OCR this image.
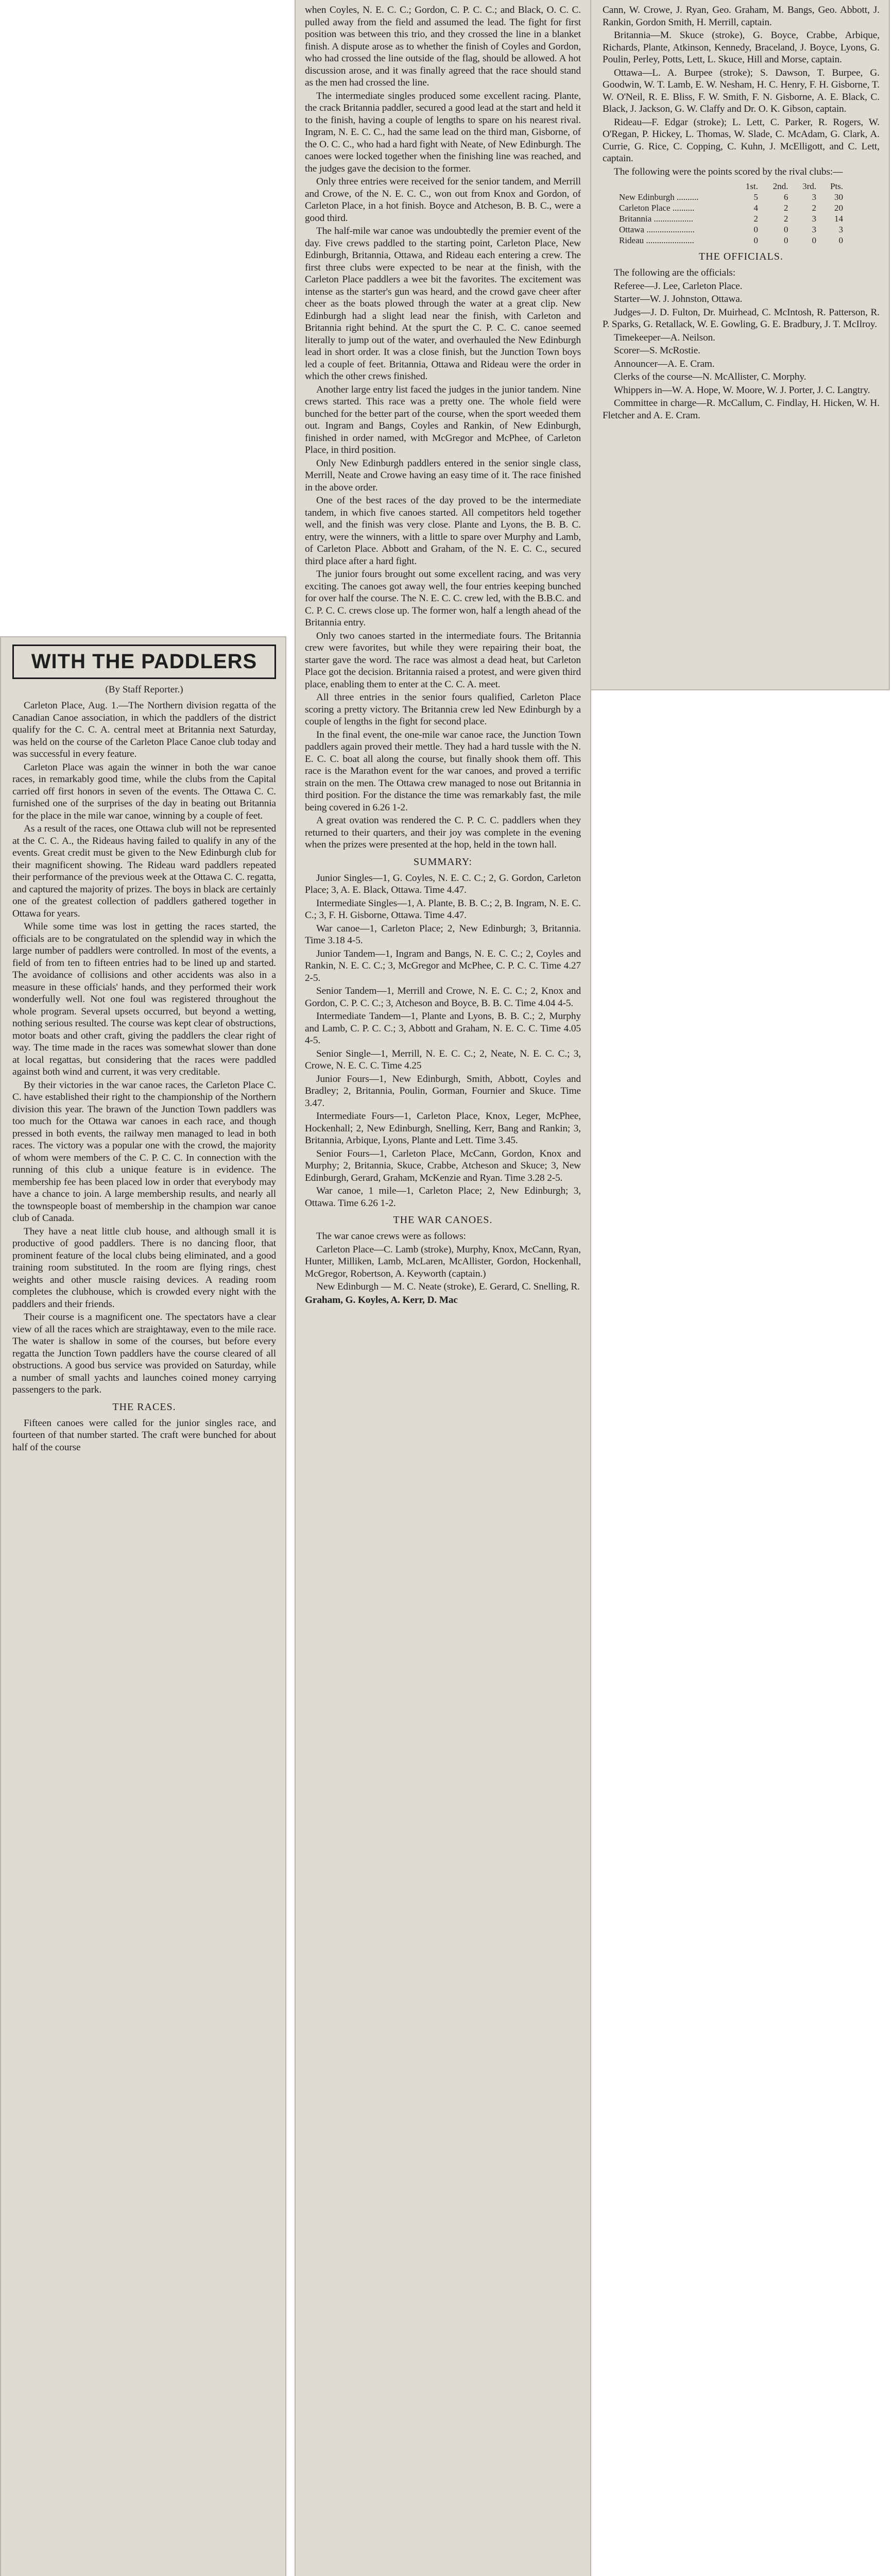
WITH THE PADDLERS
(By Staff Reporter.)

Carleton Place, Aug. 1.—The Northern division regatta of the Canadian Canoe association, in which the paddlers of the district qualify for the C. C. A. central meet at Britannia next Saturday, was held on the course of the Carleton Place Canoe club today and was successful in every feature.

Carleton Place was again the winner in both the war canoe races, in remarkably good time, while the clubs from the Capital carried off first honors in seven of the events. The Ottawa C. C. furnished one of the surprises of the day in beating out Britannia for the place in the mile war canoe, winning by a couple of feet.

As a result of the races, one Ottawa club will not be represented at the C. C. A., the Rideaus having failed to qualify in any of the events. Great credit must be given to the New Edinburgh club for their magnificent showing. The Rideau ward paddlers repeated their performance of the previous week at the Ottawa C. C. regatta, and captured the majority of prizes. The boys in black are certainly one of the greatest collection of paddlers gathered together in Ottawa for years.

While some time was lost in getting the races started, the officials are to be congratulated on the splendid way in which the large number of paddlers were controlled. In most of the events, a field of from ten to fifteen entries had to be lined up and started. The avoidance of collisions and other accidents was also in a measure in these officials' hands, and they performed their work wonderfully well. Not one foul was registered throughout the whole program. Several upsets occurred, but beyond a wetting, nothing serious resulted. The course was kept clear of obstructions, motor boats and other craft, giving the paddlers the clear right of way. The time made in the races was somewhat slower than done at local regattas, but considering that the races were paddled against both wind and current, it was very creditable.

By their victories in the war canoe races, the Carleton Place C. C. have established their right to the championship of the Northern division this year. The brawn of the Junction Town paddlers was too much for the Ottawa war canoes in each race, and though pressed in both events, the railway men managed to lead in both races. The victory was a popular one with the crowd, the majority of whom were members of the C. P. C. C. In connection with the running of this club a unique feature is in evidence. The membership fee has been placed low in order that everybody may have a chance to join. A large membership results, and nearly all the townspeople boast of membership in the champion war canoe club of Canada.

They have a neat little club house, and although small it is productive of good paddlers. There is no dancing floor, that prominent feature of the local clubs being eliminated, and a good training room substituted. In the room are flying rings, chest weights and other muscle raising devices. A reading room completes the clubhouse, which is crowded every night with the paddlers and their friends.

Their course is a magnificent one. The spectators have a clear view of all the races which are straightaway, even to the mile race. The water is shallow in some of the courses, but before every regatta the Junction Town paddlers have the course cleared of all obstructions. A good bus service was provided on Saturday, while a number of small yachts and launches coined money carrying passengers to the park.

THE RACES.

Fifteen canoes were called for the junior singles race, and fourteen of that number started. The craft were bunched for about half of the course

when Coyles, N. E. C. C.; Gordon, C. P. C. C.; and Black, O. C. C. pulled away from the field and assumed the lead. The fight for first position was between this trio, and they crossed the line in a blanket finish. A dispute arose as to whether the finish of Coyles and Gordon, who had crossed the line outside of the flag, should be allowed. A hot discussion arose, and it was finally agreed that the race should stand as the men had crossed the line.

The intermediate singles produced some excellent racing. Plante, the crack Britannia paddler, secured a good lead at the start and held it to the finish, having a couple of lengths to spare on his nearest rival. Ingram, N. E. C. C., had the same lead on the third man, Gisborne, of the O. C. C., who had a hard fight with Neate, of New Edinburgh. The canoes were locked together when the finishing line was reached, and the judges gave the decision to the former.

Only three entries were received for the senior tandem, and Merrill and Crowe, of the N. E. C. C., won out from Knox and Gordon, of Carleton Place, in a hot finish. Boyce and Atcheson, B. B. C., were a good third.

The half-mile war canoe was undoubtedly the premier event of the day. Five crews paddled to the starting point, Carleton Place, New Edinburgh, Britannia, Ottawa, and Rideau each entering a crew. The first three clubs were expected to be near at the finish, with the Carleton Place paddlers a wee bit the favorites. The excitement was intense as the starter's gun was heard, and the crowd gave cheer after cheer as the boats plowed through the water at a great clip. New Edinburgh had a slight lead near the finish, with Carleton and Britannia right behind. At the spurt the C. P. C. C. canoe seemed literally to jump out of the water, and overhauled the New Edinburgh lead in short order. It was a close finish, but the Junction Town boys led a couple of feet. Britannia, Ottawa and Rideau were the order in which the other crews finished.

Another large entry list faced the judges in the junior tandem. Nine crews started. This race was a pretty one. The whole field were bunched for the better part of the course, when the sport weeded them out. Ingram and Bangs, Coyles and Rankin, of New Edinburgh, finished in order named, with McGregor and McPhee, of Carleton Place, in third position.

Only New Edinburgh paddlers entered in the senior single class, Merrill, Neate and Crowe having an easy time of it. The race finished in the above order.

One of the best races of the day proved to be the intermediate tandem, in which five canoes started. All competitors held together well, and the finish was very close. Plante and Lyons, the B. B. C. entry, were the winners, with a little to spare over Murphy and Lamb, of Carleton Place. Abbott and Graham, of the N. E. C. C., secured third place after a hard fight.

The junior fours brought out some excellent racing, and was very exciting. The canoes got away well, the four entries keeping bunched for over half the course. The N. E. C. C. crew led, with the B.B.C. and C. P. C. C. crews close up. The former won, half a length ahead of the Britannia entry.

Only two canoes started in the intermediate fours. The Britannia crew were favorites, but while they were repairing their boat, the starter gave the word. The race was almost a dead heat, but Carleton Place got the decision. Britannia raised a protest, and were given third place, enabling them to enter at the C. C. A. meet.

All three entries in the senior fours qualified, Carleton Place scoring a pretty victory. The Britannia crew led New Edinburgh by a couple of lengths in the fight for second place.

In the final event, the one-mile war canoe race, the Junction Town paddlers again proved their mettle. They had a hard tussle with the N. E. C. C. boat all along the course, but finally shook them off. This race is the Marathon event for the war canoes, and proved a terrific strain on the men. The Ottawa crew managed to nose out Britannia in third position. For the distance the time was remarkably fast, the mile being covered in 6.26 1-2.

A great ovation was rendered the C. P. C. C. paddlers when they returned to their quarters, and their joy was complete in the evening when the prizes were presented at the hop, held in the town hall.

SUMMARY:

Junior Singles—1, G. Coyles, N. E. C. C.; 2, G. Gordon, Carleton Place; 3, A. E. Black, Ottawa. Time 4.47.

Intermediate Singles—1, A. Plante, B. B. C.; 2, B. Ingram, N. E. C. C.; 3, F. H. Gisborne, Ottawa. Time 4.47.

War canoe—1, Carleton Place; 2, New Edinburgh; 3, Britannia. Time 3.18 4-5.

Junior Tandem—1, Ingram and Bangs, N. E. C. C.; 2, Coyles and Rankin, N. E. C. C.; 3, McGregor and McPhee, C. P. C. C. Time 4.27 2-5.

Senior Tandem—1, Merrill and Crowe, N. E. C. C.; 2, Knox and Gordon, C. P. C. C.; 3, Atcheson and Boyce, B. B. C. Time 4.04 4-5.

Intermediate Tandem—1, Plante and Lyons, B. B. C.; 2, Murphy and Lamb, C. P. C. C.; 3, Abbott and Graham, N. E. C. C. Time 4.05 4-5.

Senior Single—1, Merrill, N. E. C. C.; 2, Neate, N. E. C. C.; 3, Crowe, N. E. C. C. Time 4.25

Junior Fours—1, New Edinburgh, Smith, Abbott, Coyles and Bradley; 2, Britannia, Poulin, Gorman, Fournier and Skuce. Time 3.47.

Intermediate Fours—1, Carleton Place, Knox, Leger, McPhee, Hockenhall; 2, New Edinburgh, Snelling, Kerr, Bang and Rankin; 3, Britannia, Arbique, Lyons, Plante and Lett. Time 3.45.

Senior Fours—1, Carleton Place, McCann, Gordon, Knox and Murphy; 2, Britannia, Skuce, Crabbe, Atcheson and Skuce; 3, New Edinburgh, Gerard, Graham, McKenzie and Ryan. Time 3.28 2-5.

War canoe, 1 mile—1, Carleton Place; 2, New Edinburgh; 3, Ottawa. Time 6.26 1-2.

THE WAR CANOES.

The war canoe crews were as follows:

Carleton Place—C. Lamb (stroke), Murphy, Knox, McCann, Ryan, Hunter, Milliken, Lamb, McLaren, McAllister, Gordon, Hockenhall, McGregor, Robertson, A. Keyworth (captain.)

New Edinburgh — M. C. Neate (stroke), E. Gerard, C. Snelling, R.

Graham, G. Koyles, A. Kerr, D. Mac

Cann, W. Crowe, J. Ryan, Geo. Graham, M. Bangs, Geo. Abbott, J. Rankin, Gordon Smith, H. Merrill, captain.

Britannia—M. Skuce (stroke), G. Boyce, Crabbe, Arbique, Richards, Plante, Atkinson, Kennedy, Braceland, J. Boyce, Lyons, G. Poulin, Perley, Potts, Lett, L. Skuce, Hill and Morse, captain.

Ottawa—L. A. Burpee (stroke); S. Dawson, T. Burpee, G. Goodwin, W. T. Lamb, E. W. Nesham, H. C. Henry, F. H. Gisborne, T. W. O'Neil, R. E. Bliss, F. W. Smith, F. N. Gisborne, A. E. Black, C. Black, J. Jackson, G. W. Claffy and Dr. O. K. Gibson, captain.

Rideau—F. Edgar (stroke); L. Lett, C. Parker, R. Rogers, W. O'Regan, P. Hickey, L. Thomas, W. Slade, C. McAdam, G. Clark, A. Currie, G. Rice, C. Copping, C. Kuhn, J. McElligott, and C. Lett, captain.

The following were the points scored by the rival clubs:—

	1st.	2nd.	3rd.	Pts.
New Edinburgh ..........	5	6	3	30
Carleton Place ..........	4	2	2	20
Britannia ..................	2	2	3	14
Ottawa ......................	0	0	3	3
Rideau ......................	0	0	0	0
THE OFFICIALS.

The following are the officials:

Referee—J. Lee, Carleton Place.

Starter—W. J. Johnston, Ottawa.

Judges—J. D. Fulton, Dr. Muirhead, C. McIntosh, R. Patterson, R. P. Sparks, G. Retallack, W. E. Gowling, G. E. Bradbury, J. T. McIlroy.

Timekeeper—A. Neilson.

Scorer—S. McRostie.

Announcer—A. E. Cram.

Clerks of the course—N. McAllister, C. Morphy.

Whippers in—W. A. Hope, W. Moore, W. J. Porter, J. C. Langtry.

Committee in charge—R. McCallum, C. Findlay, H. Hicken, W. H. Fletcher and A. E. Cram.
